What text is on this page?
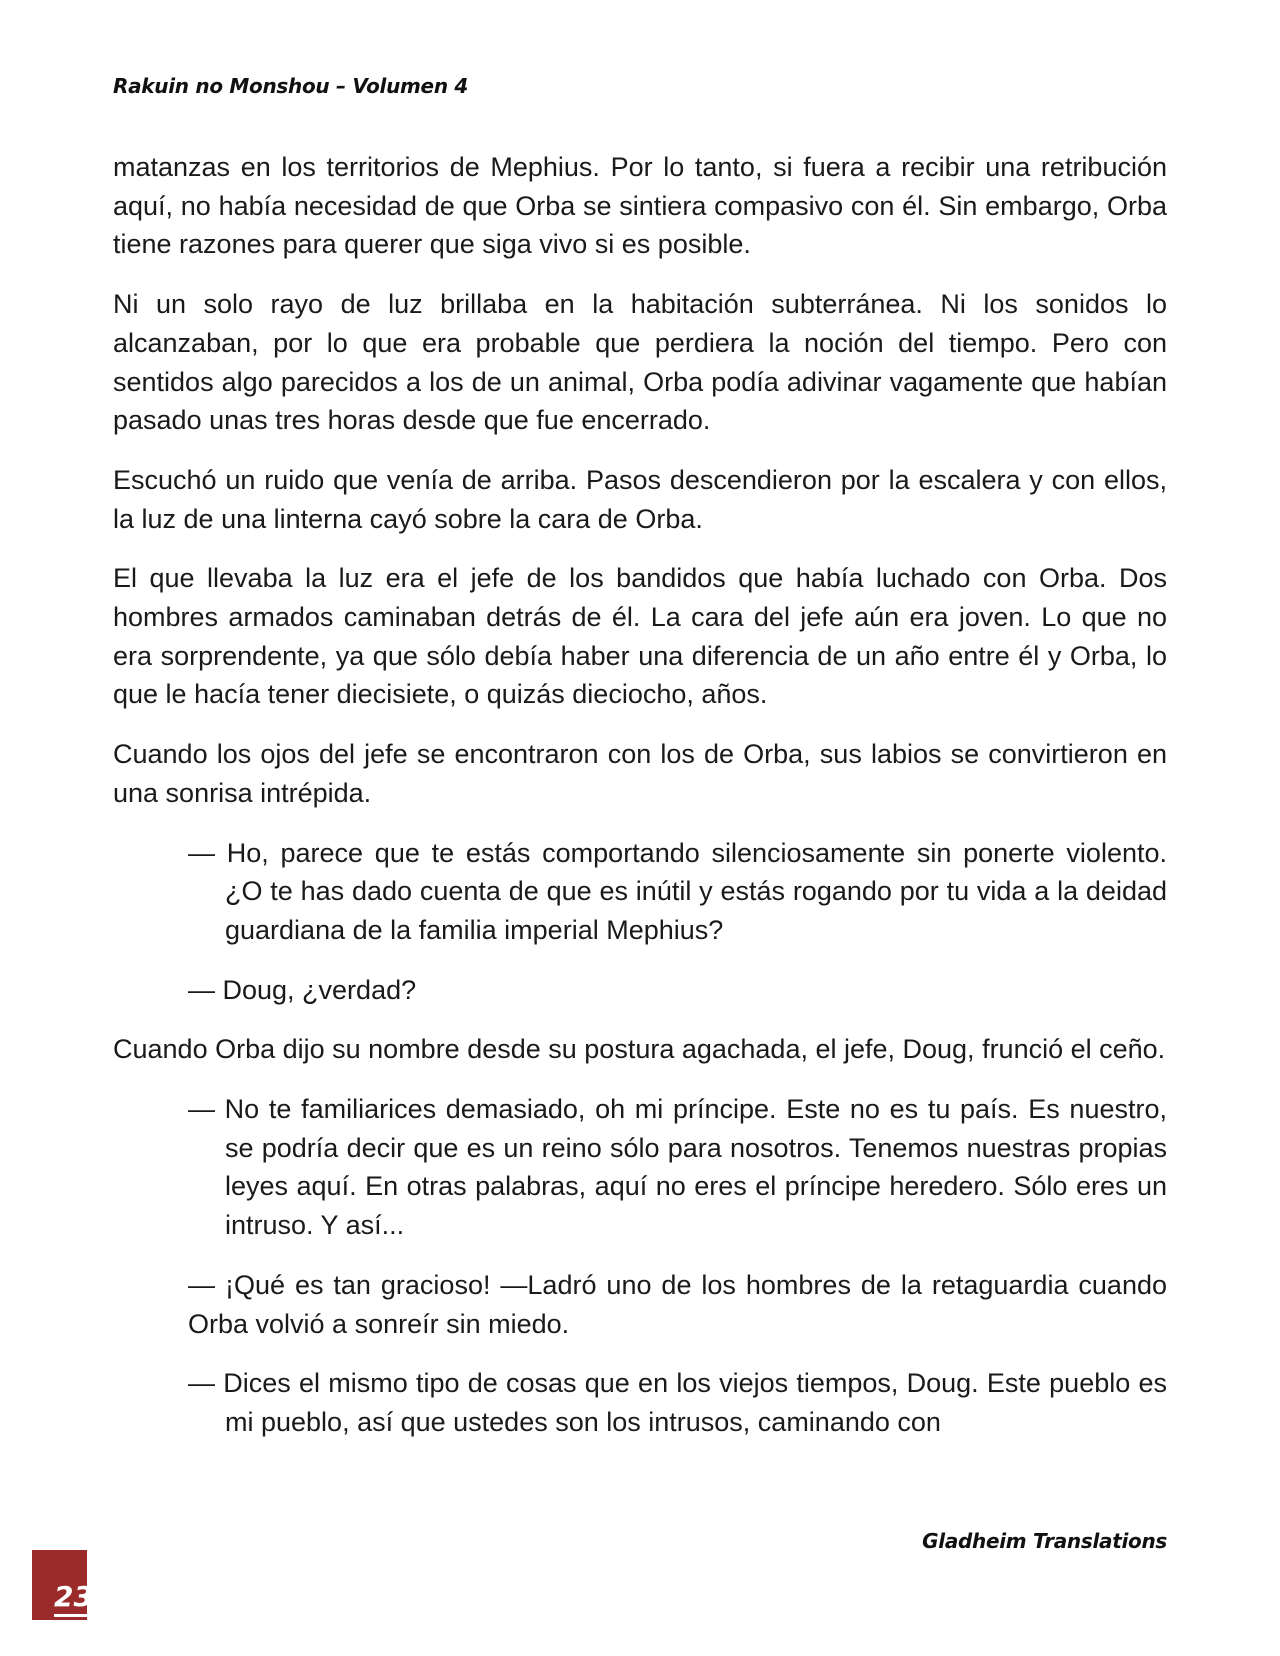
Rakuin no Monshou – Volumen 4

matanzas en los territorios de Mephius. Por lo tanto, si fuera a recibir una retribución aquí, no había necesidad de que Orba se sintiera compasivo con él. Sin embargo, Orba tiene razones para querer que siga vivo si es posible.

Ni un solo rayo de luz brillaba en la habitación subterránea. Ni los sonidos lo alcanzaban, por lo que era probable que perdiera la noción del tiempo. Pero con sentidos algo parecidos a los de un animal, Orba podía adivinar vagamente que habían pasado unas tres horas desde que fue encerrado.

Escuchó un ruido que venía de arriba. Pasos descendieron por la escalera y con ellos, la luz de una linterna cayó sobre la cara de Orba.

El que llevaba la luz era el jefe de los bandidos que había luchado con Orba. Dos hombres armados caminaban detrás de él. La cara del jefe aún era joven. Lo que no era sorprendente, ya que sólo debía haber una diferencia de un año entre él y Orba, lo que le hacía tener diecisiete, o quizás dieciocho, años.

Cuando los ojos del jefe se encontraron con los de Orba, sus labios se convirtieron en una sonrisa intrépida.

— Ho, parece que te estás comportando silenciosamente sin ponerte violento. ¿O te has dado cuenta de que es inútil y estás rogando por tu vida a la deidad guardiana de la familia imperial Mephius?

— Doug, ¿verdad?

Cuando Orba dijo su nombre desde su postura agachada, el jefe, Doug, frunció el ceño.

— No te familiarices demasiado, oh mi príncipe. Este no es tu país. Es nuestro, se podría decir que es un reino sólo para nosotros. Tenemos nuestras propias leyes aquí. En otras palabras, aquí no eres el príncipe heredero. Sólo eres un intruso. Y así...

— ¡Qué es tan gracioso! —Ladró uno de los hombres de la retaguardia cuando Orba volvió a sonreír sin miedo.

— Dices el mismo tipo de cosas que en los viejos tiempos, Doug. Este pueblo es mi pueblo, así que ustedes son los intrusos, caminando con

Gladheim Translations
23
